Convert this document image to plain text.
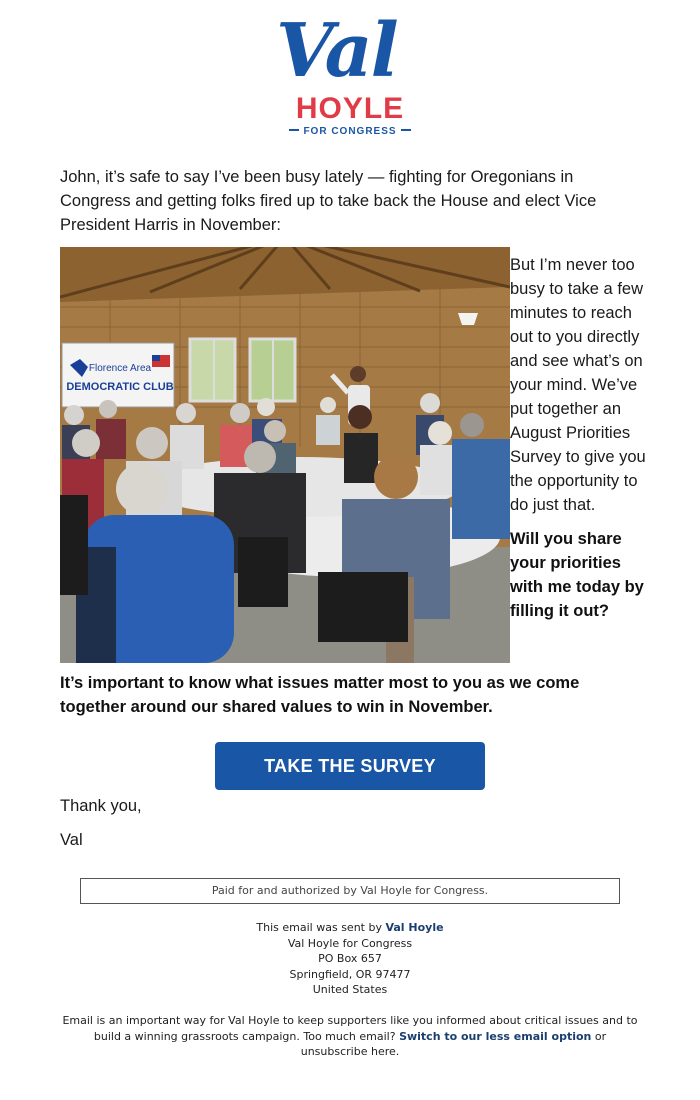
Val
HOYLE
FOR CONGRESS

John, it’s safe to say I’ve been busy lately — fighting for Oregonians in Congress and getting folks fired up to take back the House and elect Vice President Harris in November:

Florence Area
DEMOCRATIC CLUB

But I’m never too busy to take a few minutes to reach out to you directly and see what’s on your mind. We’ve put together an August Priorities Survey to give you the opportunity to do just that.

Will you share your priorities with me today by filling it out?

It’s important to know what issues matter most to you as we come together around our shared values to win in November.

TAKE THE SURVEY

Thank you,

Val

Paid for and authorized by Val Hoyle for Congress.
This email was sent by Val Hoyle
Val Hoyle for Congress
PO Box 657
Springfield, OR 97477
United States
Email is an important way for Val Hoyle to keep supporters like you informed about critical issues and to build a winning grassroots campaign. Too much email? Switch to our less email option or
unsubscribe here.
